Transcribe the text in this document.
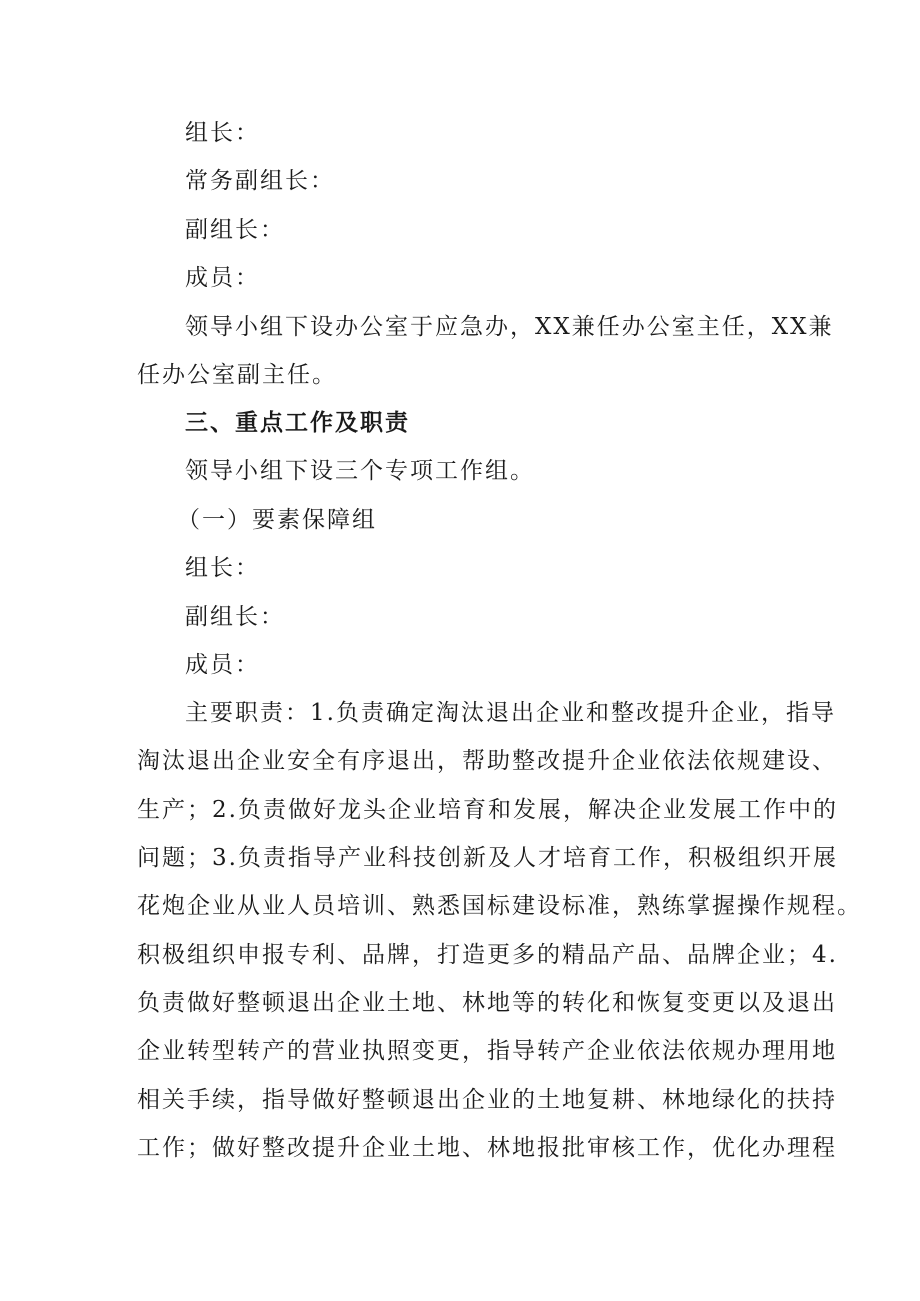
组长：
常务副组长：
副组长：
成员：
领导小组下设办公室于应急办，XX兼任办公室主任，XX兼
任办公室副主任。
三、重点工作及职责
领导小组下设三个专项工作组。
（一）要素保障组
组长：
副组长：
成员：
主要职责：1.负责确定淘汰退出企业和整改提升企业，指导
淘汰退出企业安全有序退出，帮助整改提升企业依法依规建设、
生产；2.负责做好龙头企业培育和发展，解决企业发展工作中的
问题；3.负责指导产业科技创新及人才培育工作，积极组织开展
花炮企业从业人员培训、熟悉国标建设标准，熟练掌握操作规程。
积极组织申报专利、品牌，打造更多的精品产品、品牌企业；4.
负责做好整顿退出企业土地、林地等的转化和恢复变更以及退出
企业转型转产的营业执照变更，指导转产企业依法依规办理用地
相关手续，指导做好整顿退出企业的土地复耕、林地绿化的扶持
工作；做好整改提升企业土地、林地报批审核工作，优化办理程
